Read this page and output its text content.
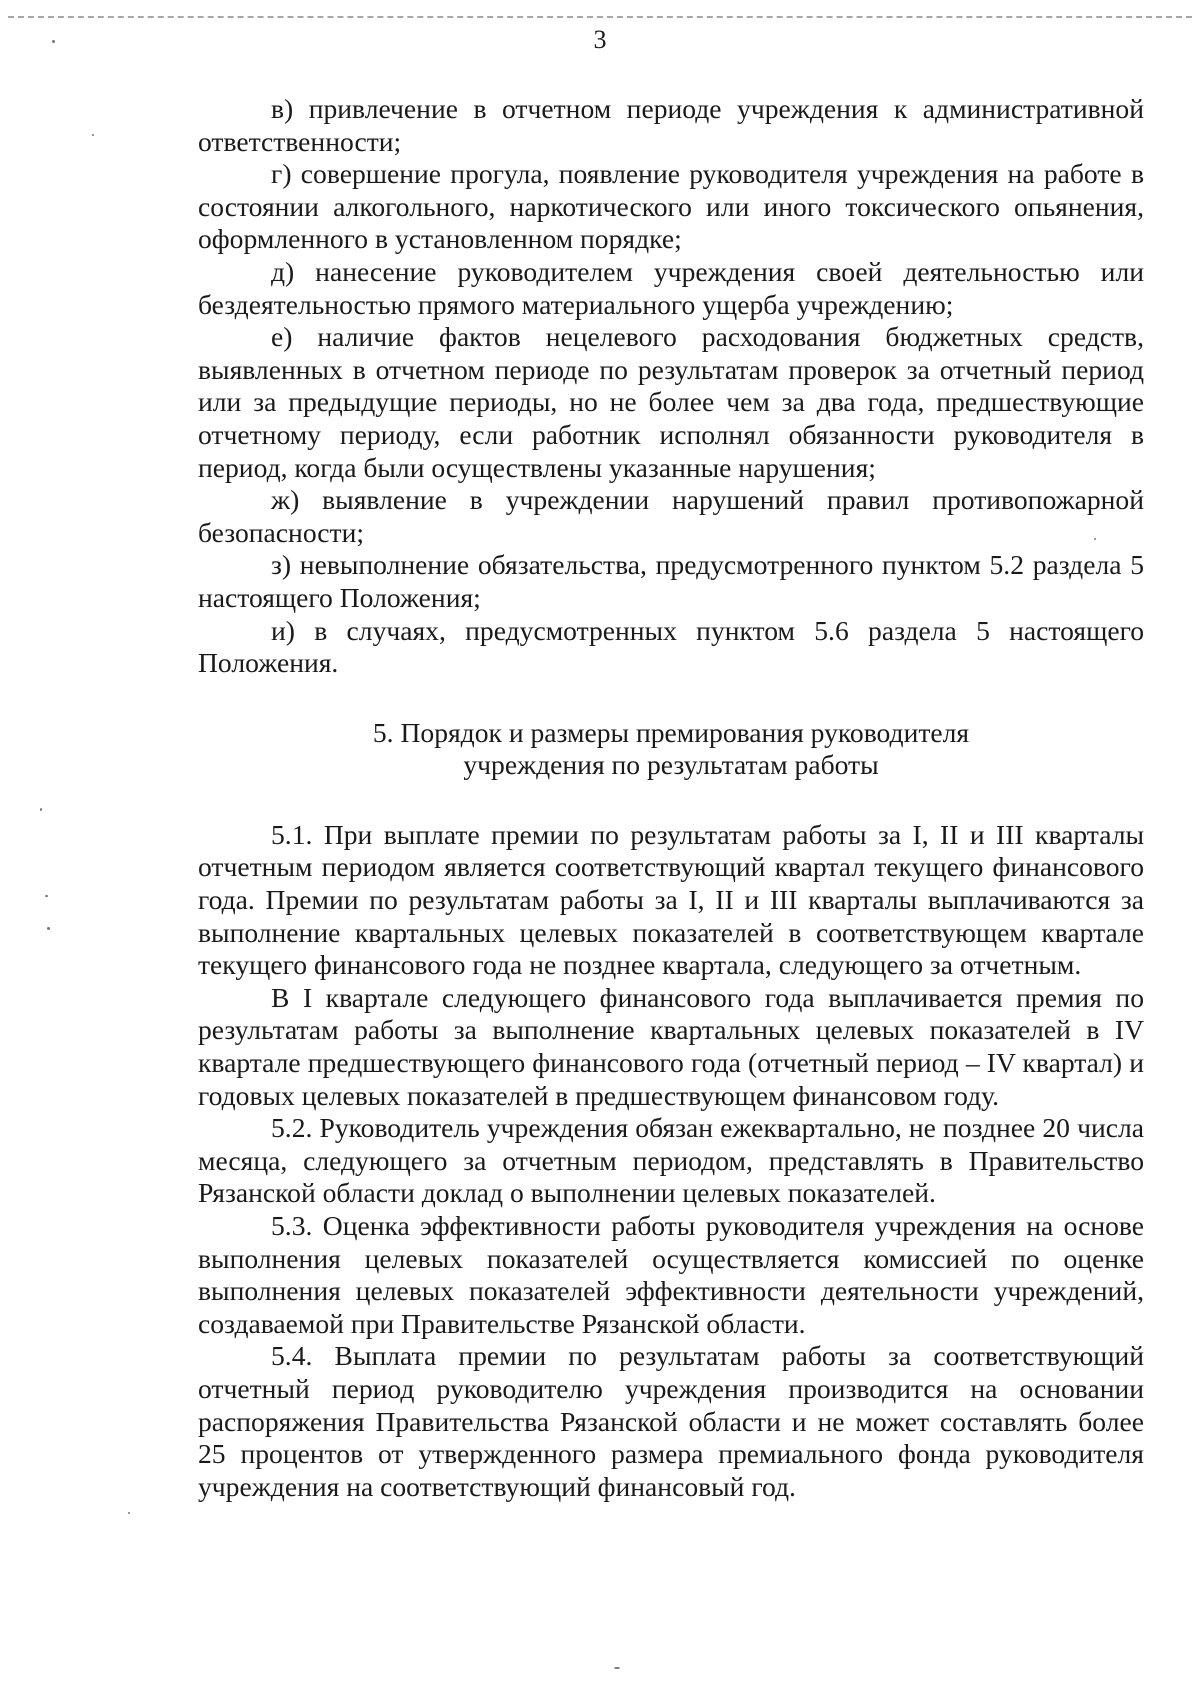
3

в) привлечение в отчетном периоде учреждения к административной ответственности;

г) совершение прогула, появление руководителя учреждения на работе в состоянии алкогольного, наркотического или иного токсического опьянения, оформленного в установленном порядке;

д) нанесение руководителем учреждения своей деятельностью или бездеятельностью прямого материального ущерба учреждению;

е) наличие фактов нецелевого расходования бюджетных средств, выявленных в отчетном периоде по результатам проверок за отчетный период или за предыдущие периоды, но не более чем за два года, предшествующие отчетному периоду, если работник исполнял обязанности руководителя в период, когда были осуществлены указанные нарушения;

ж) выявление в учреждении нарушений правил противопожарной безопасности;

з) невыполнение обязательства, предусмотренного пунктом 5.2 раздела 5 настоящего Положения;

и) в случаях, предусмотренных пунктом 5.6 раздела 5 настоящего Положения.

5. Порядок и размеры премирования руководителя
учреждения по результатам работы

5.1. При выплате премии по результатам работы за I, II и III кварталы отчетным периодом является соответствующий квартал текущего финансового года. Премии по результатам работы за I, II и III кварталы выплачиваются за выполнение квартальных целевых показателей в соответствующем квартале текущего финансового года не позднее квартала, следующего за отчетным.

В I квартале следующего финансового года выплачивается премия по результатам работы за выполнение квартальных целевых показателей в IV квартале предшествующего финансового года (отчетный период – IV квартал) и годовых целевых показателей в предшествующем финансовом году.

5.2. Руководитель учреждения обязан ежеквартально, не позднее 20 числа месяца, следующего за отчетным периодом, представлять в Правительство Рязанской области доклад о выполнении целевых показателей.

5.3. Оценка эффективности работы руководителя учреждения на основе выполнения целевых показателей осуществляется комиссией по оценке выполнения целевых показателей эффективности деятельности учреждений, создаваемой при Правительстве Рязанской области.

5.4. Выплата премии по результатам работы за соответствующий отчетный период руководителю учреждения производится на основании распоряжения Правительства Рязанской области и не может составлять более 25 процентов от утвержденного размера премиального фонда руководителя учреждения на соответствующий финансовый год.
